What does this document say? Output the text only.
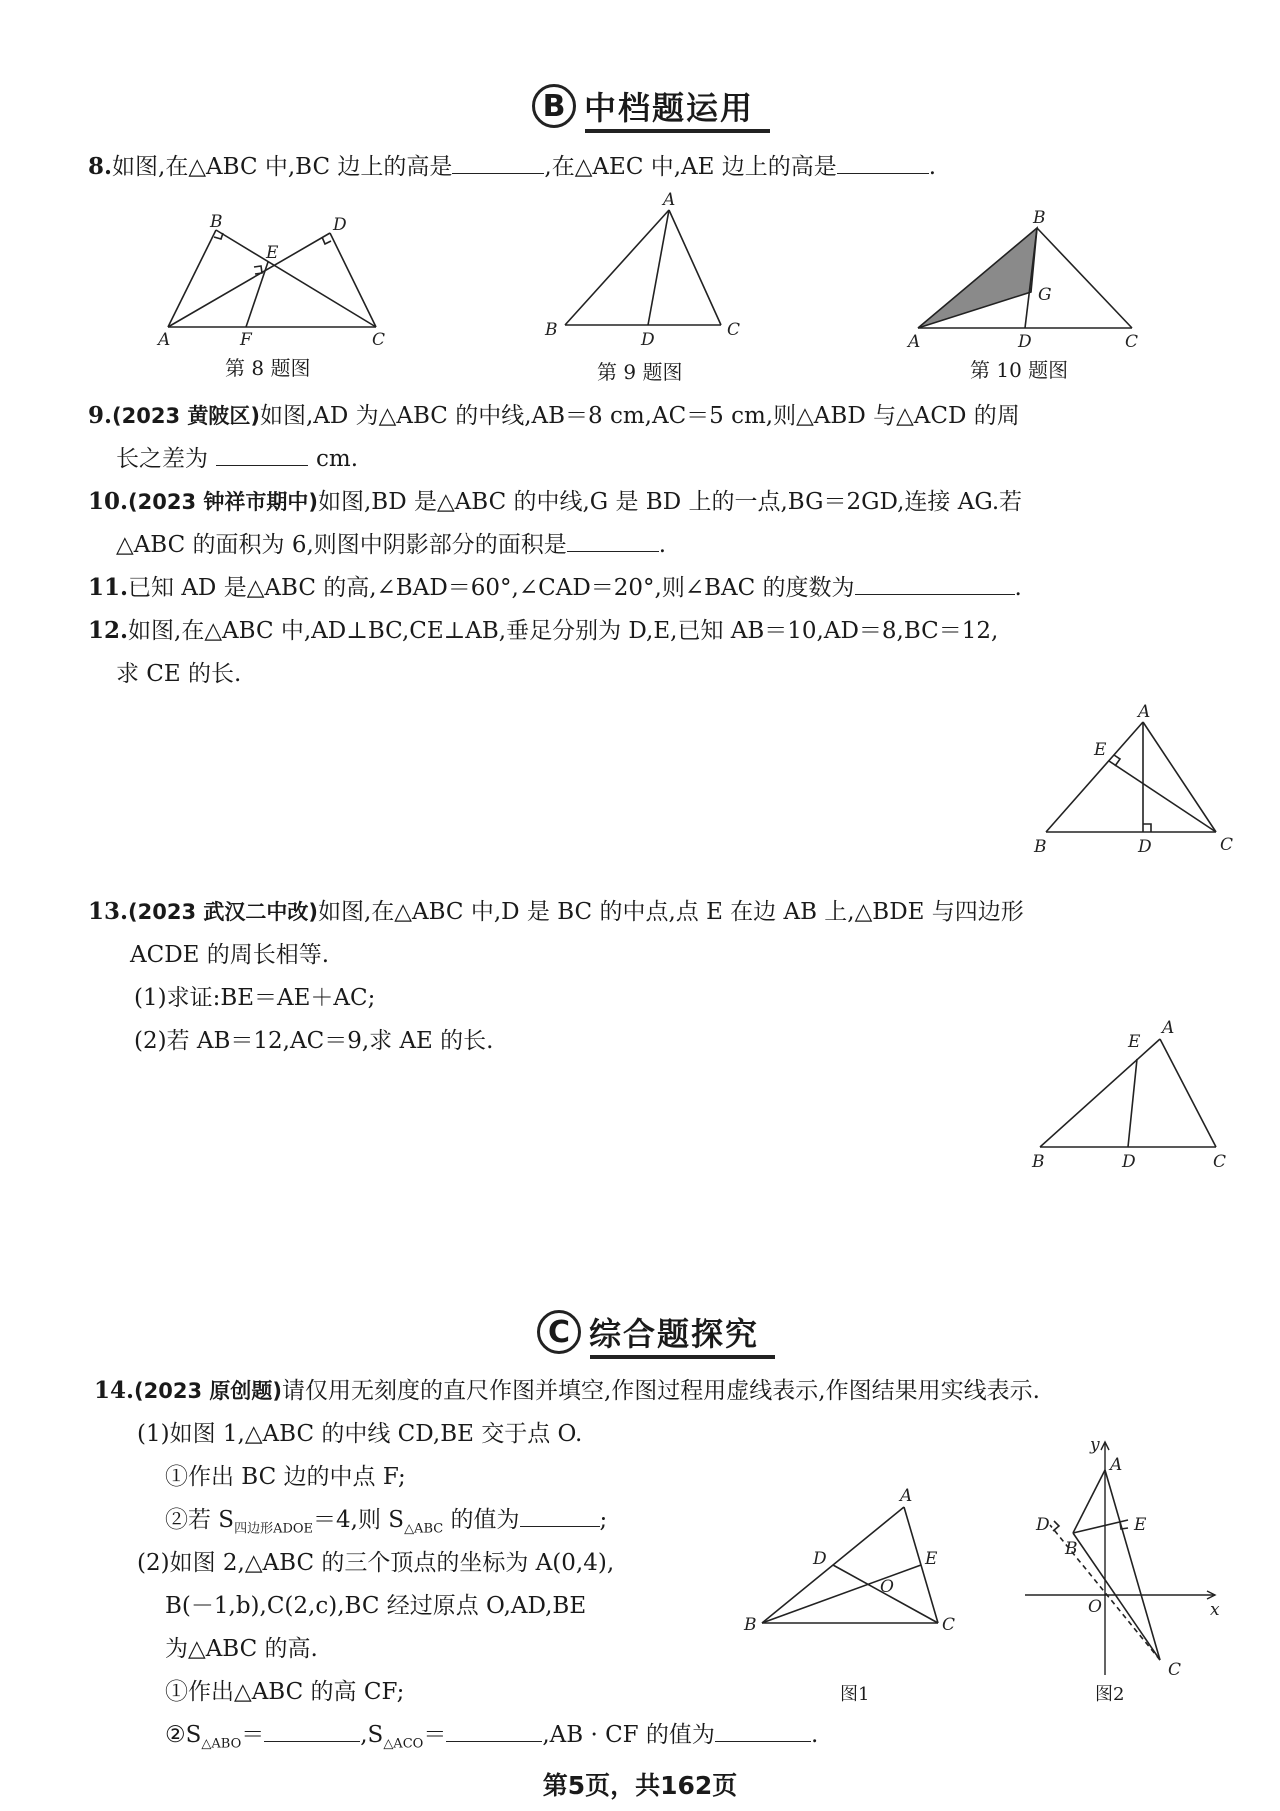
B 中档题运用
8.如图,在△ABC 中,BC 边上的高是	,在△AEC 中,AE 边上的高是	.
A
B
C
D
E
F
第 8 题图
A
B	C
D
第 9 题图
B
A	C
D
G
第 10 题图
9.(2023 黄陂区)如图,AD 为△ABC 的中线,AB＝8 cm,AC＝5 cm,则△ABD 与△ACD 的周
长之差为	cm.
10.(2023 钟祥市期中)如图,BD 是△ABC 的中线,G 是 BD 上的一点,BG＝2GD,连接 AG.若
△ABC 的面积为 6,则图中阴影部分的面积是	.
11.已知 AD 是△ABC 的高,∠BAD＝60°,∠CAD＝20°,则∠BAC 的度数为	.
12.如图,在△ABC 中,AD⊥BC,CE⊥AB,垂足分别为 D,E,已知 AB＝10,AD＝8,BC＝12,
求 CE 的长.
A
B	C
D
E
13.(2023 武汉二中改)如图,在△ABC 中,D 是 BC 的中点,点 E 在边 AB 上,△BDE 与四边形
ACDE 的周长相等.
(1)求证:BE＝AE＋AC;
(2)若 AB＝12,AC＝9,求 AE 的长.	A
B	C
D
E
C 综合题探究
14.(2023 原创题)请仅用无刻度的直尺作图并填空,作图过程用虚线表示,作图结果用实线表示.
(1)如图 1,△ABC 的中线 CD,BE 交于点 O.
①作出 BC 边的中点 F;
②若 $S_{四边形ADOE}=4$,则 $S_{\triangle ABC}$ 的值为	;
(2)如图 2,△ABC 的三个顶点的坐标为 A(0,4),
B(－1,b),C(2,c),BC 经过原点 O,AD,BE
为△ABC 的高.
①作出△ABC 的高 CF;
$②S_{\triangle ABO}=$	$,S_{\triangle ACO}=$	,AB · CF 的值为	.
A
B	C
D	E
O
图1
A
B
C
D	E
O	x
y
图2
第5页，共162页
